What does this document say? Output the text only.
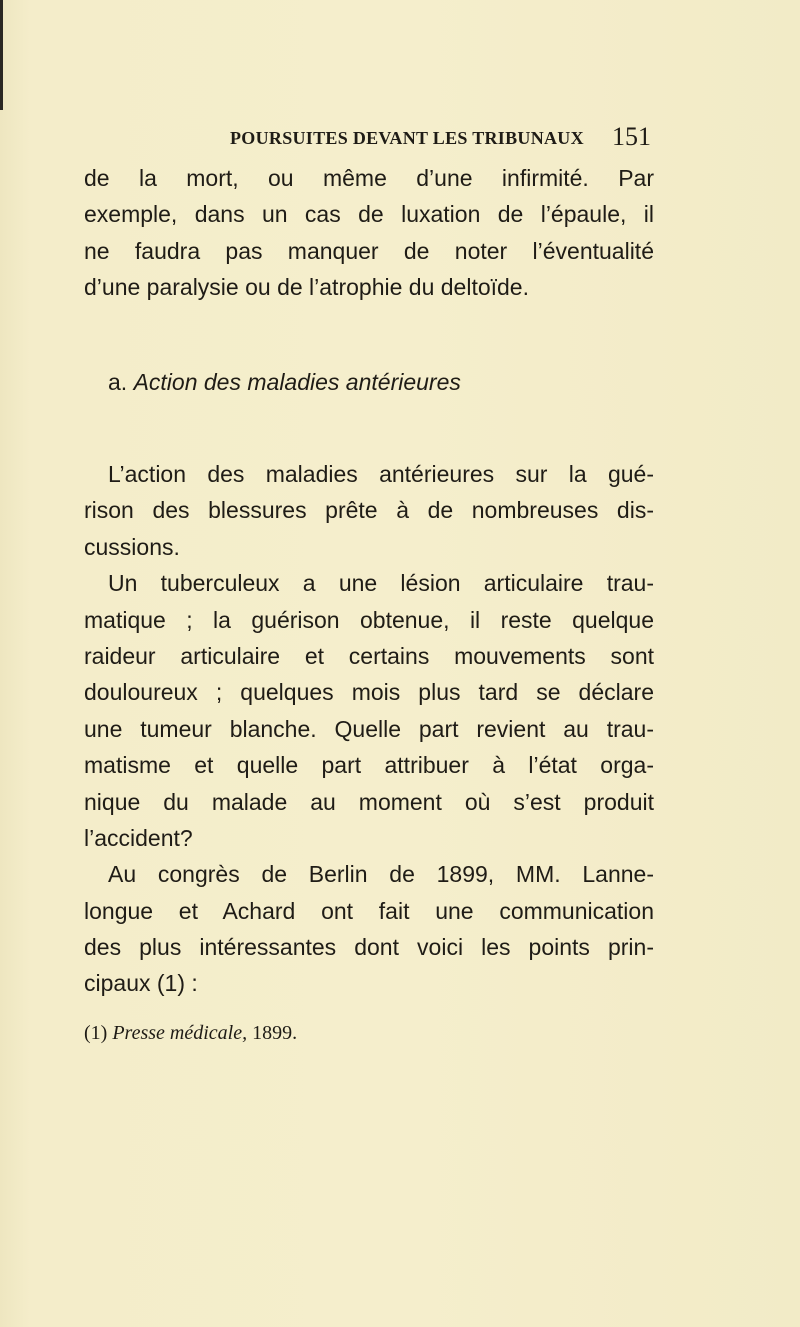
POURSUITES DEVANT LES TRIBUNAUX 151
de la mort, ou même d’une infirmité. Par
exemple, dans un cas de luxation de l’épaule, il
ne faudra pas manquer de noter l’éventualité
d’une paralysie ou de l’atrophie du deltoïde.
a. Action des maladies antérieures
L’action des maladies antérieures sur la gué-
rison des blessures prête à de nombreuses dis-
cussions.
Un tuberculeux a une lésion articulaire trau-
matique ; la guérison obtenue, il reste quelque
raideur articulaire et certains mouvements sont
douloureux ; quelques mois plus tard se déclare
une tumeur blanche. Quelle part revient au trau-
matisme et quelle part attribuer à l’état orga-
nique du malade au moment où s’est produit
l’accident?
Au congrès de Berlin de 1899, MM. Lanne-
longue et Achard ont fait une communication
des plus intéressantes dont voici les points prin-
cipaux (1) :
(1) Presse médicale, 1899.
